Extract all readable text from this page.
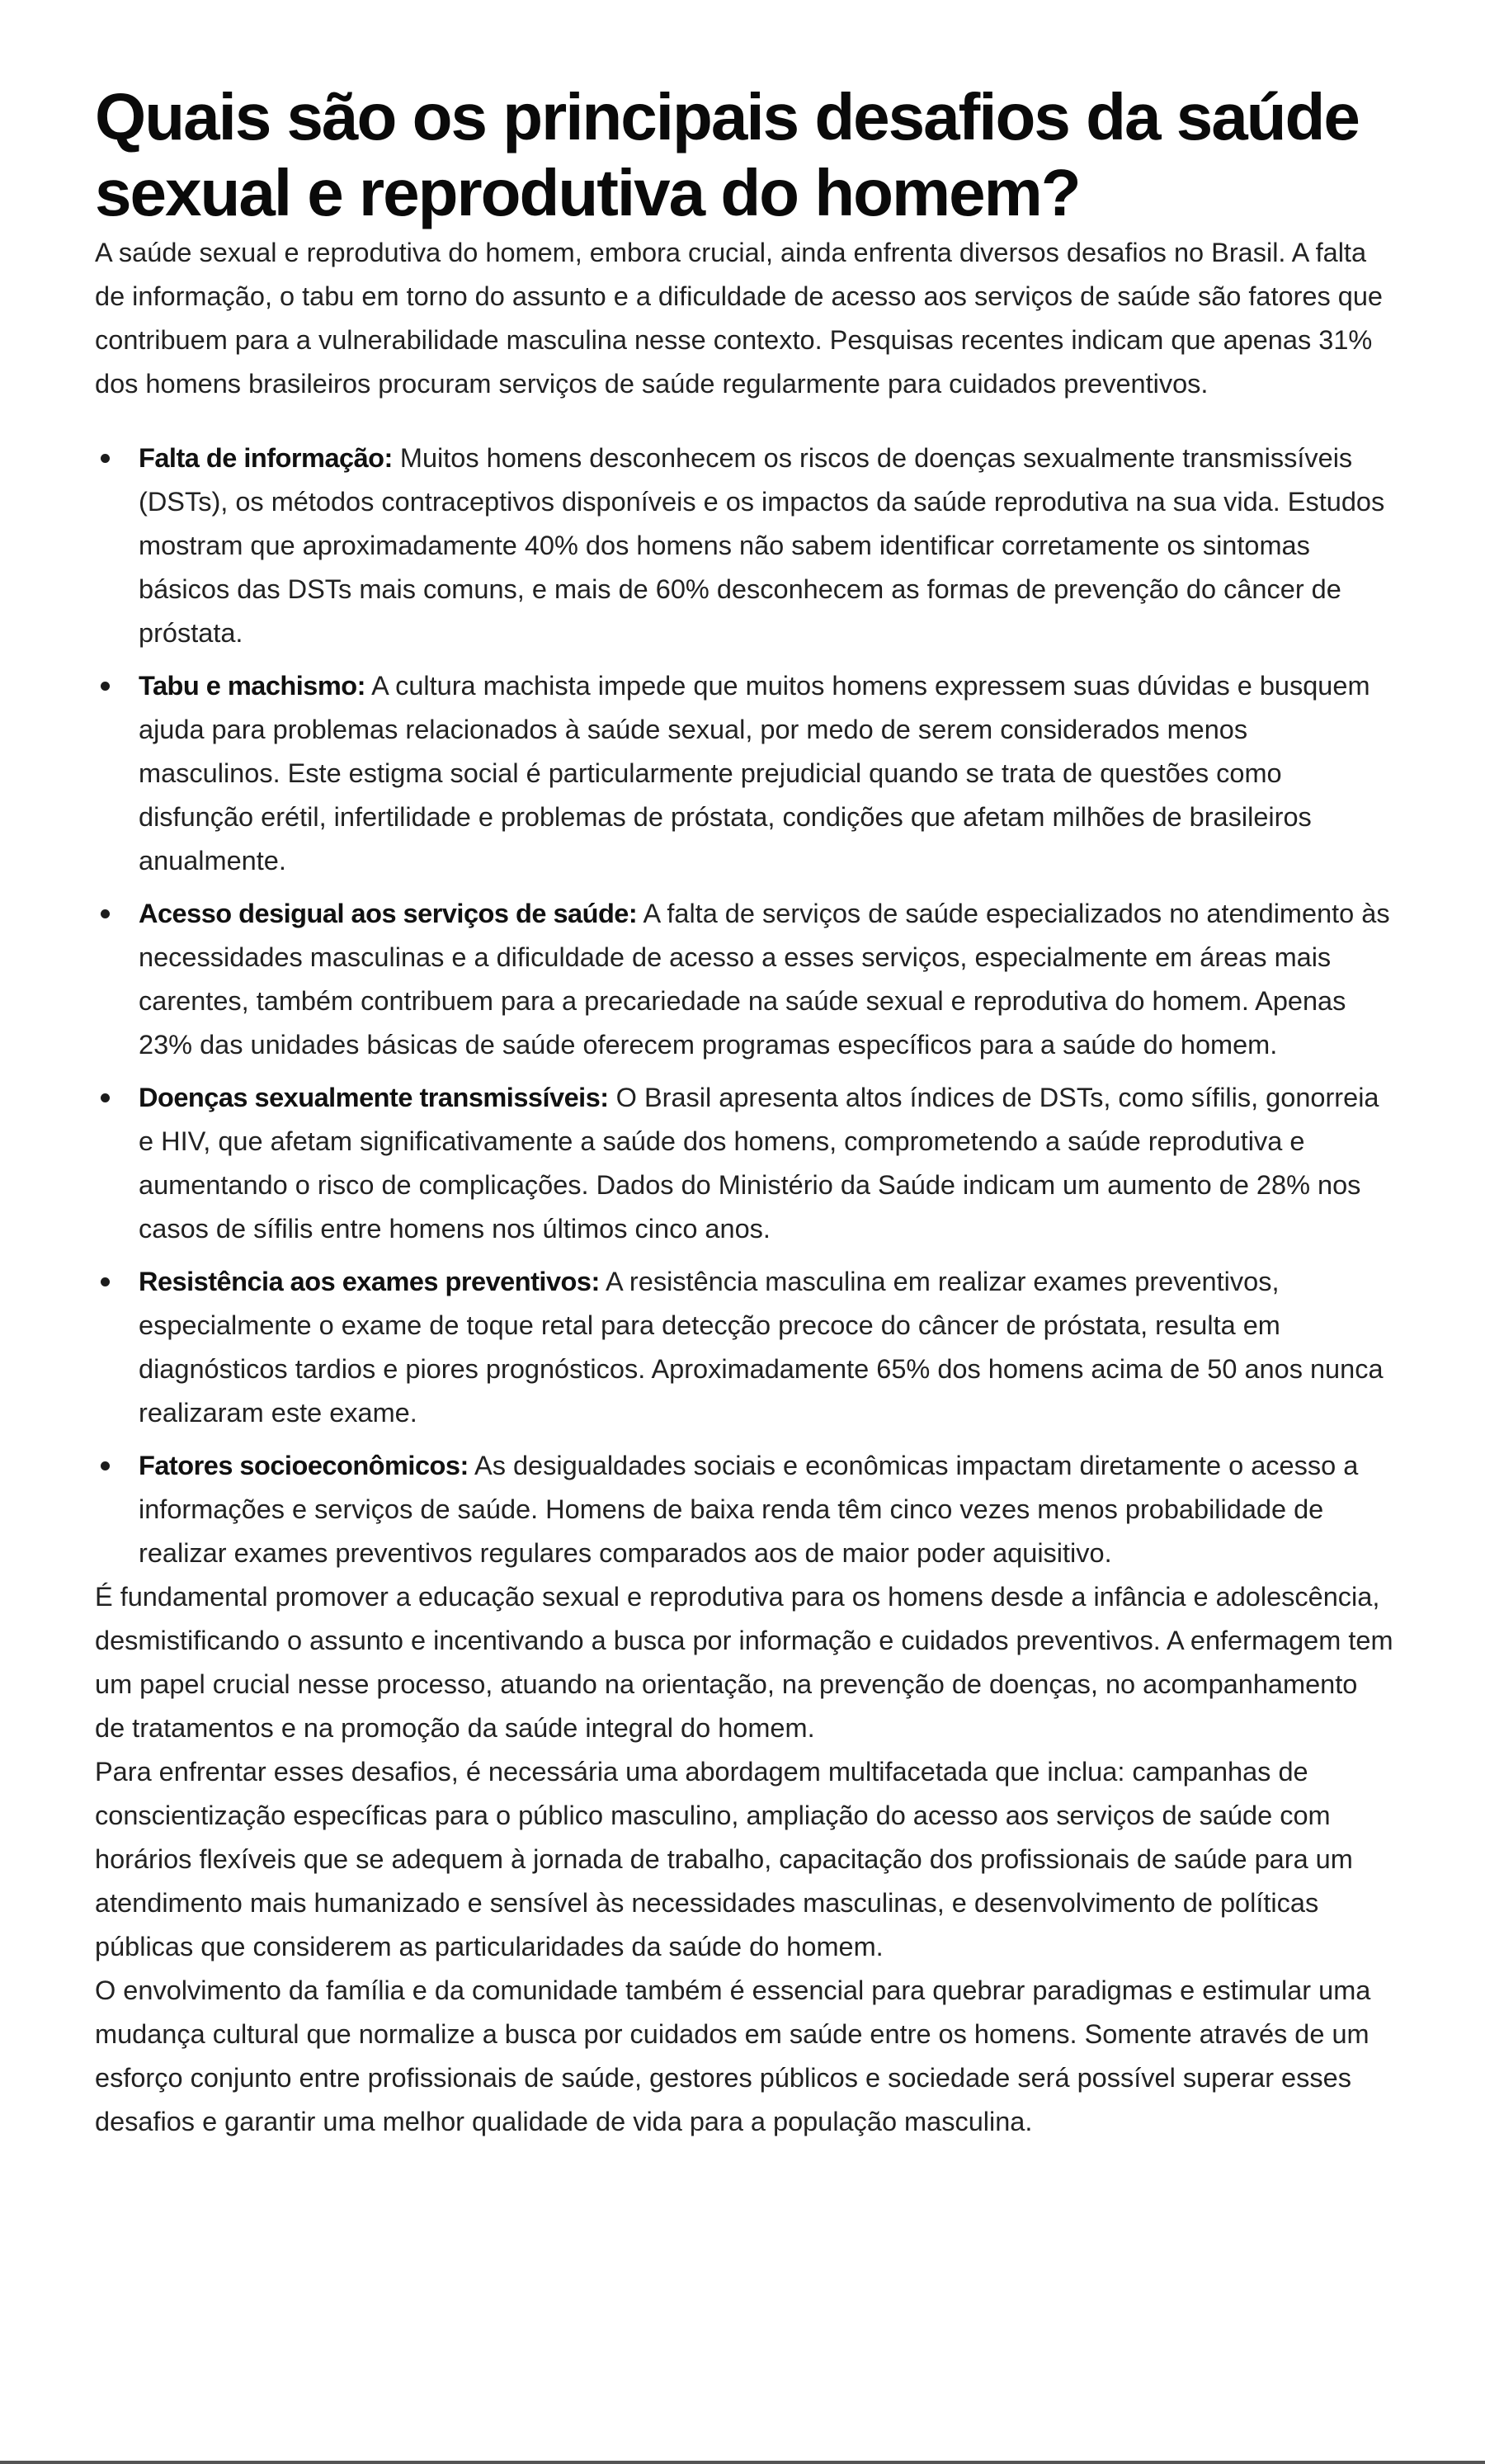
Quais são os principais desafios da saúde sexual e reprodutiva do homem?

A saúde sexual e reprodutiva do homem, embora crucial, ainda enfrenta diversos desafios no Brasil. A falta de informação, o tabu em torno do assunto e a dificuldade de acesso aos serviços de saúde são fatores que contribuem para a vulnerabilidade masculina nesse contexto. Pesquisas recentes indicam que apenas 31% dos homens brasileiros procuram serviços de saúde regularmente para cuidados preventivos.

Falta de informação: Muitos homens desconhecem os riscos de doenças sexualmente transmissíveis (DSTs), os métodos contraceptivos disponíveis e os impactos da saúde reprodutiva na sua vida. Estudos mostram que aproximadamente 40% dos homens não sabem identificar corretamente os sintomas básicos das DSTs mais comuns, e mais de 60% desconhecem as formas de prevenção do câncer de próstata.
Tabu e machismo: A cultura machista impede que muitos homens expressem suas dúvidas e busquem ajuda para problemas relacionados à saúde sexual, por medo de serem considerados menos masculinos. Este estigma social é particularmente prejudicial quando se trata de questões como disfunção erétil, infertilidade e problemas de próstata, condições que afetam milhões de brasileiros anualmente.
Acesso desigual aos serviços de saúde: A falta de serviços de saúde especializados no atendimento às necessidades masculinas e a dificuldade de acesso a esses serviços, especialmente em áreas mais carentes, também contribuem para a precariedade na saúde sexual e reprodutiva do homem. Apenas 23% das unidades básicas de saúde oferecem programas específicos para a saúde do homem.
Doenças sexualmente transmissíveis: O Brasil apresenta altos índices de DSTs, como sífilis, gonorreia e HIV, que afetam significativamente a saúde dos homens, comprometendo a saúde reprodutiva e aumentando o risco de complicações. Dados do Ministério da Saúde indicam um aumento de 28% nos casos de sífilis entre homens nos últimos cinco anos.
Resistência aos exames preventivos: A resistência masculina em realizar exames preventivos, especialmente o exame de toque retal para detecção precoce do câncer de próstata, resulta em diagnósticos tardios e piores prognósticos. Aproximadamente 65% dos homens acima de 50 anos nunca realizaram este exame.
Fatores socioeconômicos: As desigualdades sociais e econômicas impactam diretamente o acesso a informações e serviços de saúde. Homens de baixa renda têm cinco vezes menos probabilidade de realizar exames preventivos regulares comparados aos de maior poder aquisitivo.

É fundamental promover a educação sexual e reprodutiva para os homens desde a infância e adolescência, desmistificando o assunto e incentivando a busca por informação e cuidados preventivos. A enfermagem tem um papel crucial nesse processo, atuando na orientação, na prevenção de doenças, no acompanhamento de tratamentos e na promoção da saúde integral do homem.

Para enfrentar esses desafios, é necessária uma abordagem multifacetada que inclua: campanhas de conscientização específicas para o público masculino, ampliação do acesso aos serviços de saúde com horários flexíveis que se adequem à jornada de trabalho, capacitação dos profissionais de saúde para um atendimento mais humanizado e sensível às necessidades masculinas, e desenvolvimento de políticas públicas que considerem as particularidades da saúde do homem.

O envolvimento da família e da comunidade também é essencial para quebrar paradigmas e estimular uma mudança cultural que normalize a busca por cuidados em saúde entre os homens. Somente através de um esforço conjunto entre profissionais de saúde, gestores públicos e sociedade será possível superar esses desafios e garantir uma melhor qualidade de vida para a população masculina.
